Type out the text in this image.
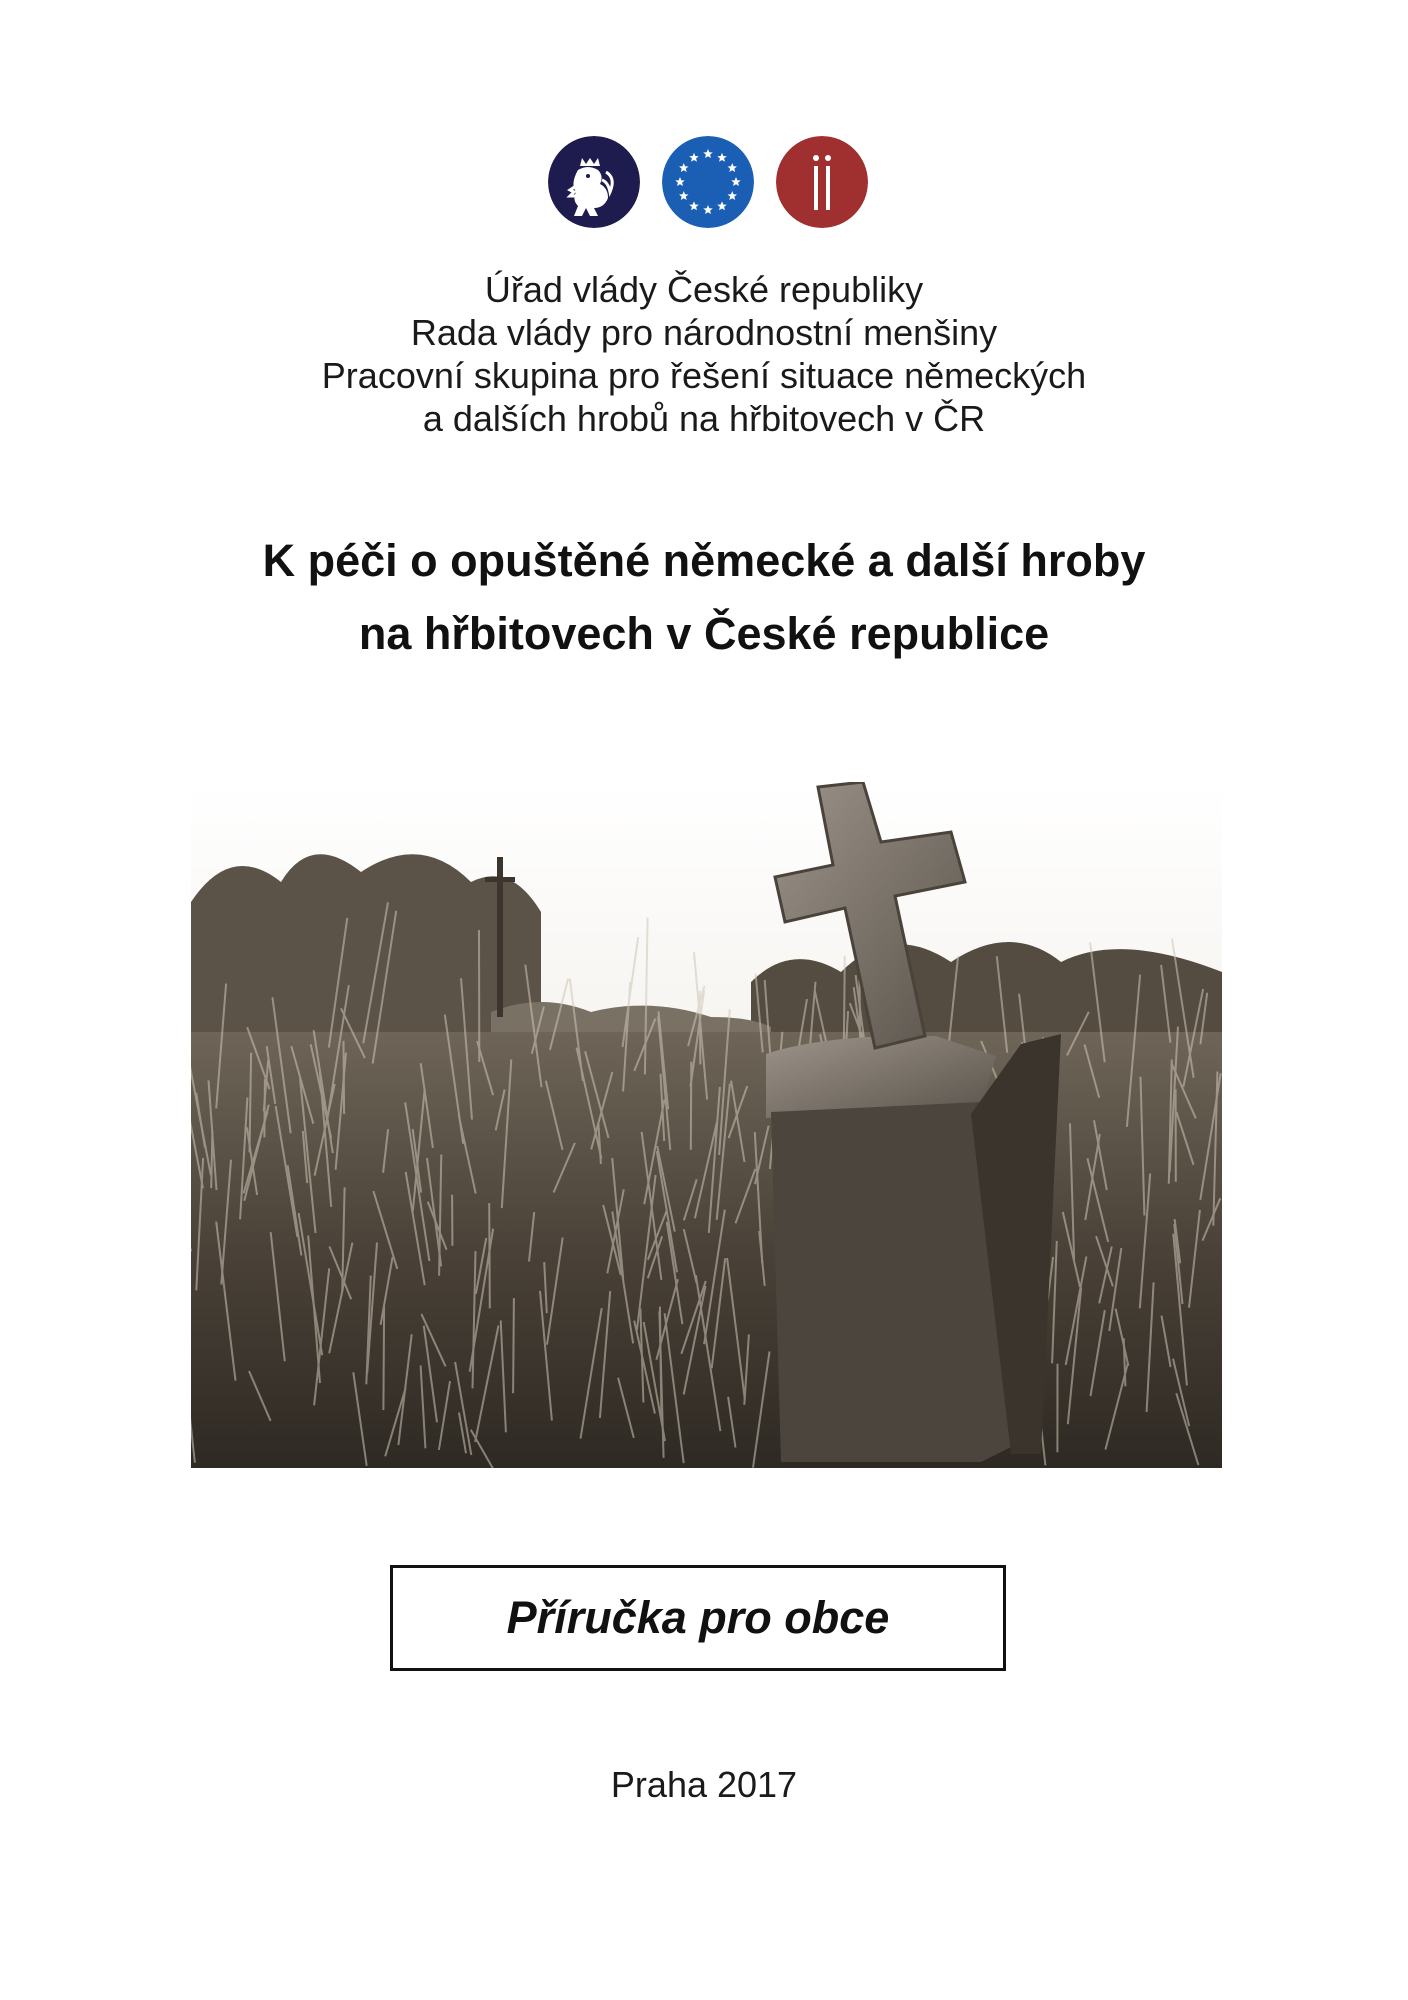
Úřad vlády České republiky
Rada vlády pro národnostní menšiny
Pracovní skupina pro řešení situace německých
a dalších hrobů na hřbitovech v ČR
K péči o opuštěné německé a další hroby
na hřbitovech v České republice
Příručka pro obce
Praha 2017
